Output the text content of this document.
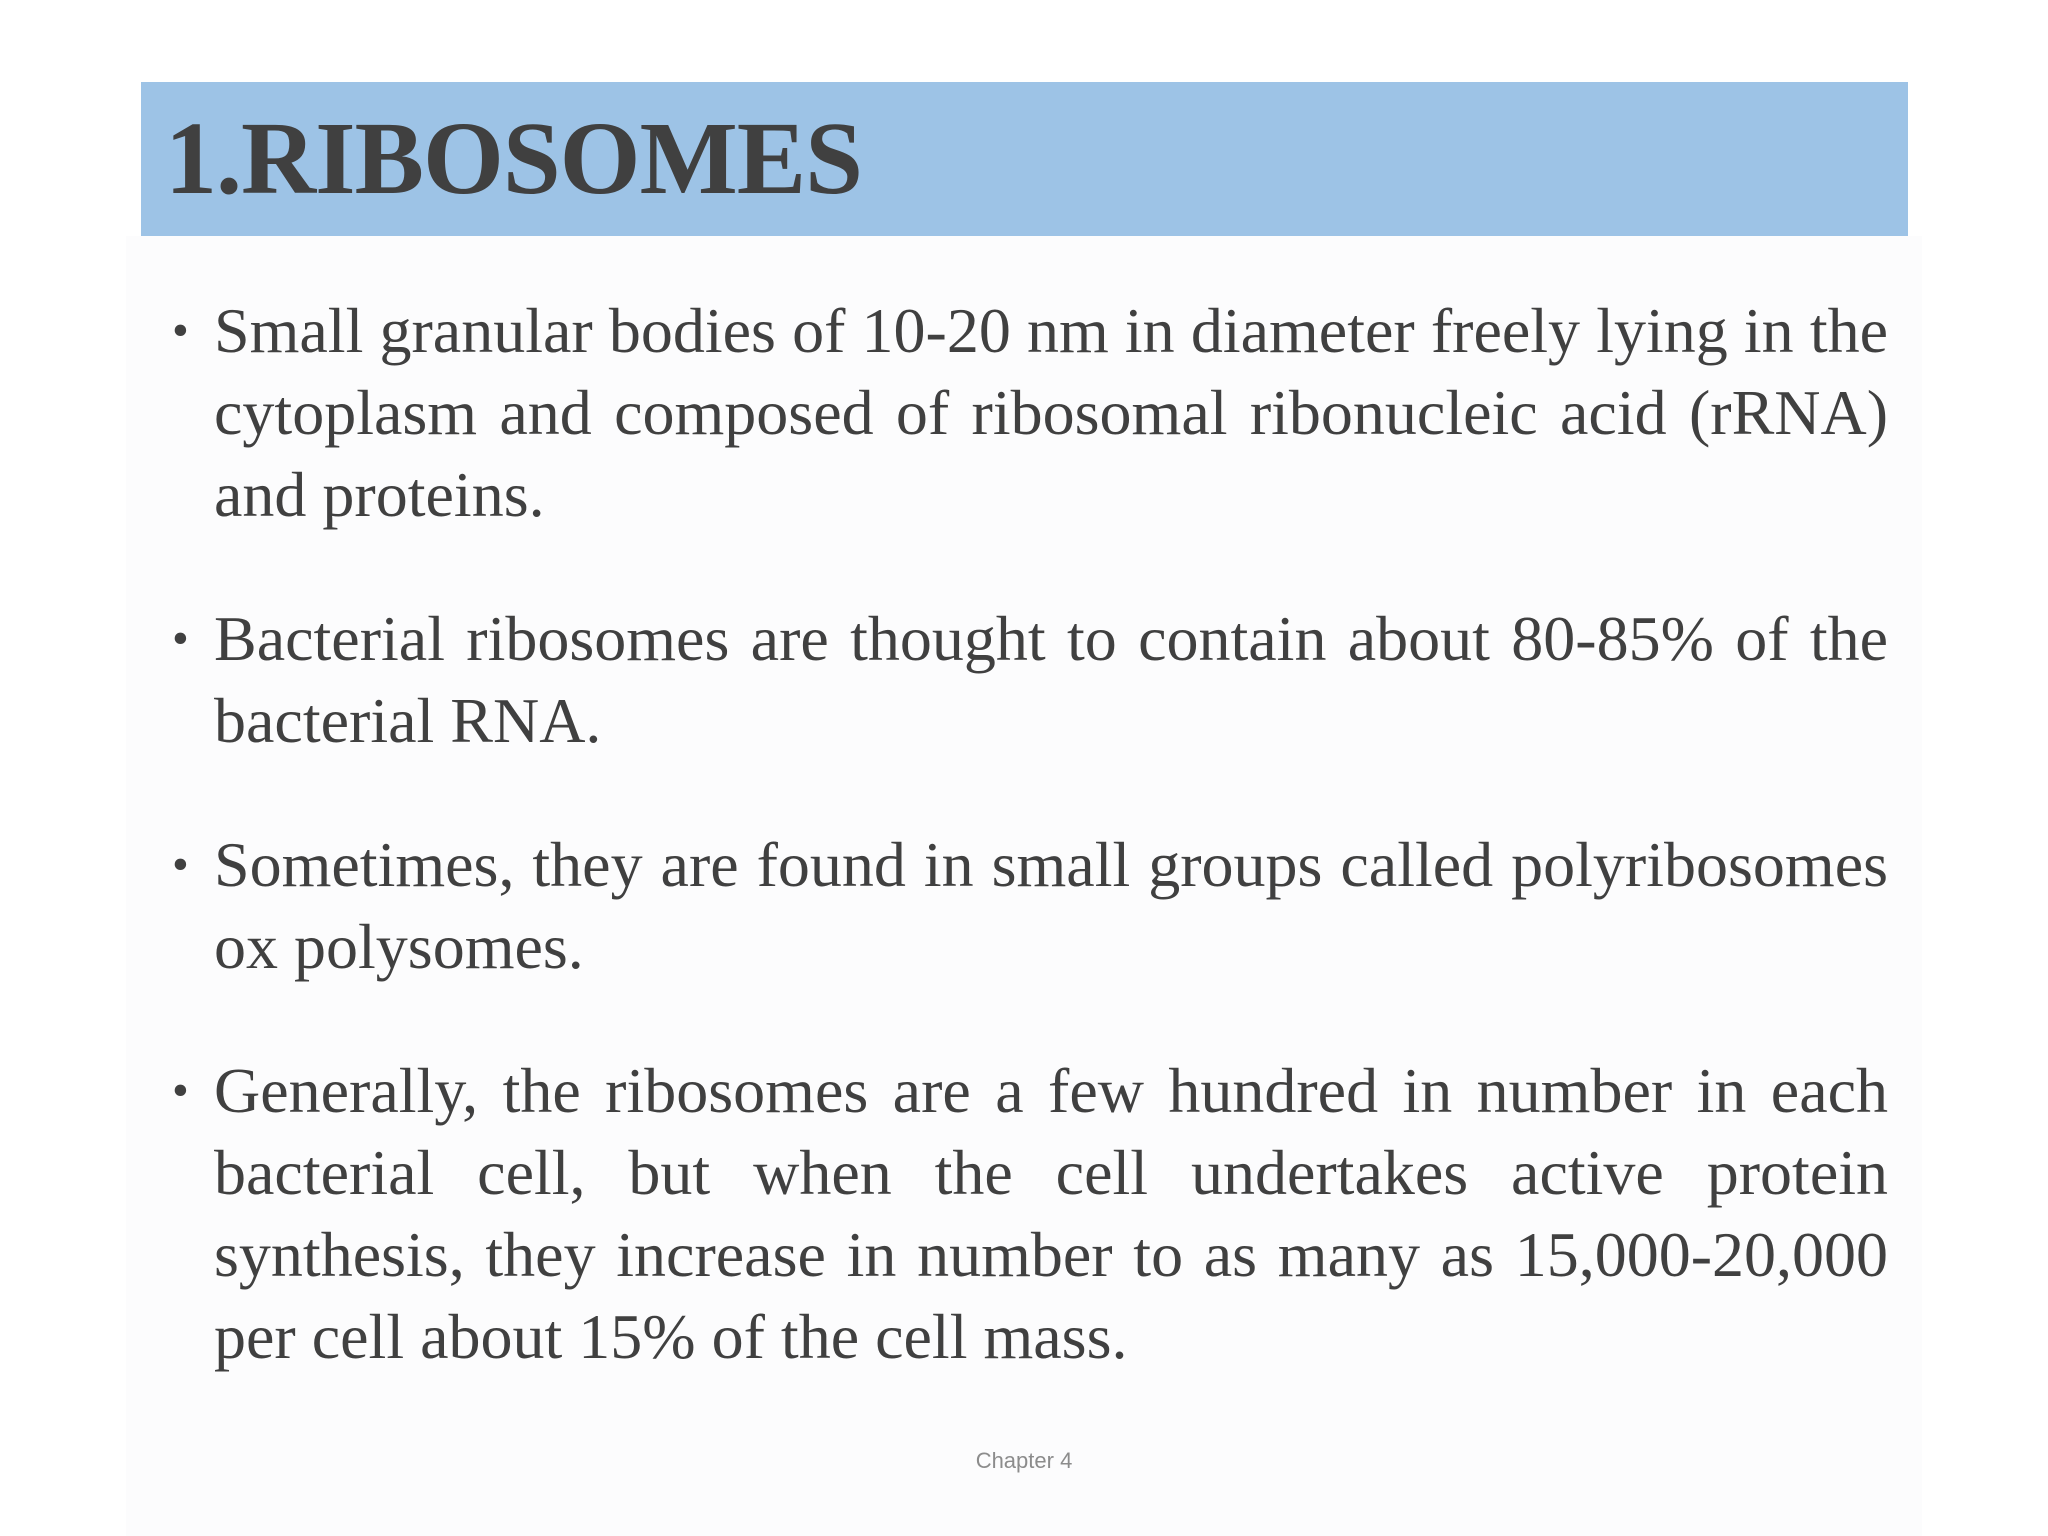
1.RIBOSOMES
• Small granular bodies of 10-20 nm in diameter freely lying in the cytoplasm and composed of ribosomal ribonucleic acid (rRNA) and proteins.
• Bacterial ribosomes are thought to contain about 80-85% of the bacterial RNA.
• Sometimes, they are found in small groups called polyribosomes ox polysomes.
• Generally, the ribosomes are a few hundred in number in each bacterial cell, but when the cell undertakes active protein synthesis, they increase in number to as many as 15,000-20,000 per cell about 15% of the cell mass.
Chapter 4
